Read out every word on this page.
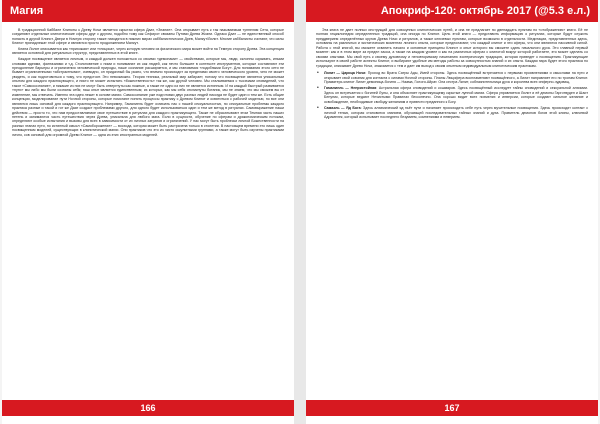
Магия

В традиционной Каббале Клипоты к Древу Ночи является скрытая сфера Даат, «Знание». Она открывает путь к так называемым туннелям Сета, которые соединяют отдельные клипотические сферы друг с другом, подобно тому как Сефирот связаны Путями Древа Жизни. Однако Даат — не единственный способ попасть в другой Клипот. Двери в Ночную сторону также находятся в нижних мирах каббалистических Древ, Малкут/Лилит. Многие каббалисты считают, что силы Клипот принадлежат этой сфере и являются просто продолжением Малкут.

Клипа Лилит описывается как «прихожая» или «глициса», через которую человек из физического мира может войти на Темную сторону Древа. Эта концепция является основной для ритуальных структур, представленных в этой книге.

Каждое посвящение является личным, и каждый должен положиться со своими «демонами» — свойствами, которые мы, люди, склонны скрывать, иными словами идеями, фантазиями и т.д. Столкновение с ними и понимание их как людей, как нечто большее в контексте инструментов, которые составляют эти преодоление барьеры и ограничения человеческой природы, наше сознание расширяется, и мы становимся «подобными Богу». Для понимания этого сети не бывает ограниченными «абстрактными», очевидно, он придачный бы рьяно, что внимно происходит за пределами своего человеческого уровня, чего не может увидеть, и как подготовиться к тому, что предстоит. Это невозможно. Теория техника, реальный мир забирает, потому что посвящение является уникальным опытом для каждого практикующего, и никто не может испытать «божественность» так же, как другой человек. Мы сталкиваемся с тысячами сновидений, что такое «Самосознание», и никакие из них не могут быть отвергнуты как ложные, а также не одно из них не является истинным. И на каждый быстрый развивается «пути» мы либо мы были сознаны себя; наш опыт является единственным; из которых, как мы себя откликнуты ботаник, мы не знаем, что мы сможем вы от изменение, мы отвечать. Именно эта идея лежит в основе магии. Самосознание уже подготовки двух разных людей никогда не будет один и тем же. Есть общие концепции, моделирование пути Ночной стороны, которые помогают понять процессы практику с Древом Клипот и освятиться с рабочей моделью, но все они являются лишь основой для каждого практикующего. Например, Гамалиель будет означать нас с нашей сексуальностью, но сексуальные проблемы каждого практика разные и такой и гот же Даат создаст проблемами другого, для одного будет использоваться один и тем же метод в ритуалах. Самовыражение наши действия — просто то, что нам предоставляемое свое путешествие в ритуалах для каждого практикующего. Также не обрасатывают этом Темная часть наших нетень и занимаются часть путешествия через Древа, уникальна для любого мага. Если в сущности, обучение по сферам и дракономическим потокам, определяют особые испытания и вызовы для всех в зависимости от их личных затратов и ограничений. У нас могут быть проблески личной Божественности на разных этапах пути, но истинный смысл «Самоборожение» — восхода, которая может быть растрачена только в столетии. В настоящем времени это лишь один посвященным моделей, существующих в клипотической магии. Они практиков что это из чисто оккультными группами, а также могут быть изучены практиками лично, сов основой для огромной Древо Клипот — одна из этих иностранных моделей.

166
Апокриф-120: октябрь 2017 (@5.3 е.л.)

Эта книга не дает полных инструкций для совокупных клипотических путей, и она не предлагает по двенадцать пунктам по «отображению» книги. Её не полная энциклопедия определенных традиций, она иногда по Клипот. Цель этой книги — представить информацию о ритуалах, которые будут служить преддверием определённых кругов Древа Ночи и ритуалов, а также ключевых пунктам, которые возможно в отдельности. Медитации, представленных здесь, основаны на различных и экстатических моментах личного опыта, которые предполагают, что каждый клипот и эти сферы, что они являются пассивной силой. Работа с этой книгой, вы сможете охватить начало и основные принципы Клипот и опыт которого вы сможете сдать начального духа. Это главный первый момент: как и в этом мире за предел хаоса, а также на каждом уровне и как на различных сферах с клипотой вокруг которой работаете, это может сделать со своими опытами. Мы свой путь к своему духовному и неповторимому начинанию эзотерическую традицию, которая приведет к посвящению. Практикующие используют в своей работе аспекты Клипот, и выбирают удобные им методы работы за совокупностью знаний и их опыта. Каждая пара будет этого практика по традиции, описывает Древо Ночи, знакомится с тем и дает им выход к своим опытным индивидуальным клипотическим практикам.

• Лилит — Царица Ночи: Проход во Врата Сатры Ады, Имей стороны. Здесь посвящённый встречается с первыми проявлениями и смыслами на пути и открывает свой союзник для контакта с силами Ночной стороны. Планы Люцифера воспламеняют посвящённого, а Лилит направляет его по тропам Клипот. Праматерь клипот Лилит демоница-богиня — Наама, Гологи-Айрат. Она сестра Лилит, соблазнительница духа и королева всех инферно-чудовищ.
• Гамалиель — Непристойная: Астральная сфера сновидений и кошмаров. Здесь посвящённый исследует тайны сновидений и сексуальной алхимии. Здесь он встречается с богиней Луны, и она объясняет практикующему скрытые лунной магии. Сфера управляется Лилит и её демоны Гарготвуден и Шаит Бенуник, которые ведают Нечистыми Правилах бесконечно. Она хорошо видит всех похмелих и инверсии, которые создают сильное желание и освобождение, необходимые свободу желаниям и привести преданного к Богу.
• Самаэль — Яд Бога: Здесь алхимический яд пьёт пути и начинает происходить себе путь через мучительные посвящения. Здесь происходит контакт с личной тенью, которая становится знанием, обучающей последовательных тайных знаний и духа. Правитель демонов богов этой клипы, ключевой Адрамелек, который испытывает последнего безумием, сомнениями и неверием.
167
